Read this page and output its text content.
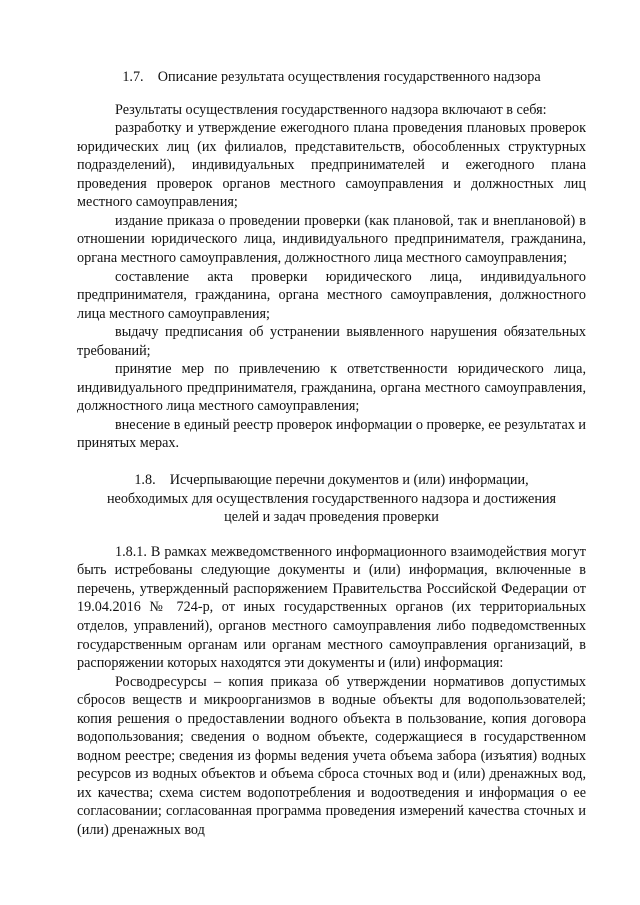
1.7.    Описание результата осуществления государственного надзора

Результаты осуществления государственного надзора включают в себя:

разработку и утверждение ежегодного плана проведения плановых проверок юридических лиц (их филиалов, представительств, обособленных структурных подразделений), индивидуальных предпринимателей и ежегодного плана проведения проверок органов местного самоуправления и должностных лиц местного самоуправления;

издание приказа о проведении проверки (как плановой, так и внеплановой) в отношении юридического лица, индивидуального предпринимателя, гражданина, органа местного самоуправления, должностного лица местного самоуправления;

составление акта проверки юридического лица, индивидуального предпринимателя, гражданина, органа местного самоуправления, должностного лица местного самоуправления;

выдачу предписания об устранении выявленного нарушения обязательных требований;

принятие мер по привлечению к ответственности юридического лица, индивидуального предпринимателя, гражданина, органа местного самоуправления, должностного лица местного самоуправления;

внесение в единый реестр проверок информации о проверке, ее результатах и принятых мерах.

1.8.    Исчерпывающие перечни документов и (или) информации,
необходимых для осуществления государственного надзора и достижения
целей и задач проведения проверки

1.8.1. В рамках межведомственного информационного взаимодействия могут быть истребованы следующие документы и (или) информация, включенные в перечень, утвержденный распоряжением Правительства Российской Федерации от 19.04.2016 № 724-р, от иных государственных органов (их территориальных отделов, управлений), органов местного самоуправления либо подведомственных государственным органам или органам местного самоуправления организаций, в распоряжении которых находятся эти документы и (или) информация:

Росводресурсы – копия приказа об утверждении нормативов допустимых сбросов веществ и микроорганизмов в водные объекты для водопользователей; копия решения о предоставлении водного объекта в пользование, копия договора водопользования; сведения о водном объекте, содержащиеся в государственном водном реестре; сведения из формы ведения учета объема забора (изъятия) водных ресурсов из водных объектов и объема сброса сточных вод и (или) дренажных вод, их качества; схема систем водопотребления и водоотведения и информация о ее согласовании; согласованная программа проведения измерений качества сточных и (или) дренажных вод
